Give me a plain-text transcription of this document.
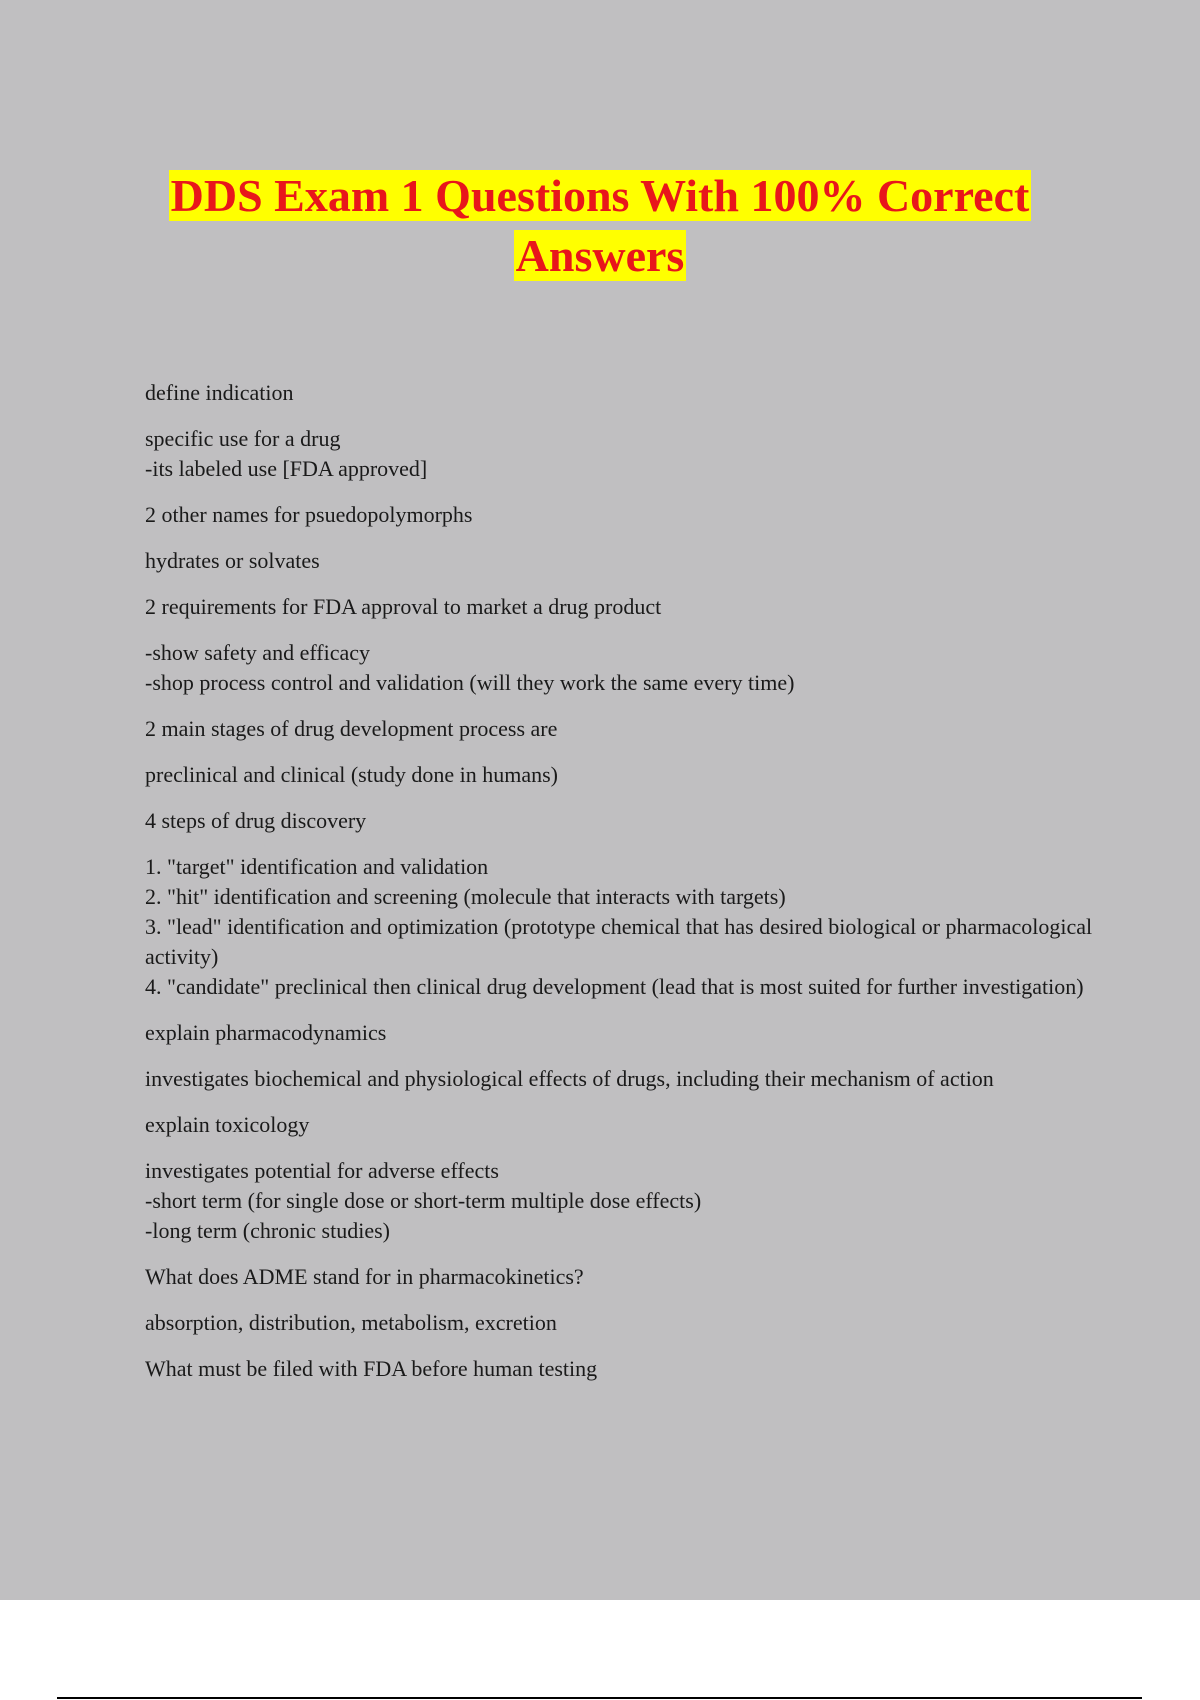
DDS Exam 1 Questions With 100% Correct
Answers

define indication

specific use for a drug
-its labeled use [FDA approved]

2 other names for psuedopolymorphs

hydrates or solvates

2 requirements for FDA approval to market a drug product

-show safety and efficacy
-shop process control and validation (will they work the same every time)

2 main stages of drug development process are

preclinical and clinical (study done in humans)

4 steps of drug discovery

1. "target" identification and validation
2. "hit" identification and screening (molecule that interacts with targets)
3. "lead" identification and optimization (prototype chemical that has desired biological or pharmacological activity)
4. "candidate" preclinical then clinical drug development (lead that is most suited for further investigation)

explain pharmacodynamics

investigates biochemical and physiological effects of drugs, including their mechanism of action

explain toxicology

investigates potential for adverse effects
-short term (for single dose or short-term multiple dose effects)
-long term (chronic studies)

What does ADME stand for in pharmacokinetics?

absorption, distribution, metabolism, excretion

What must be filed with FDA before human testing
